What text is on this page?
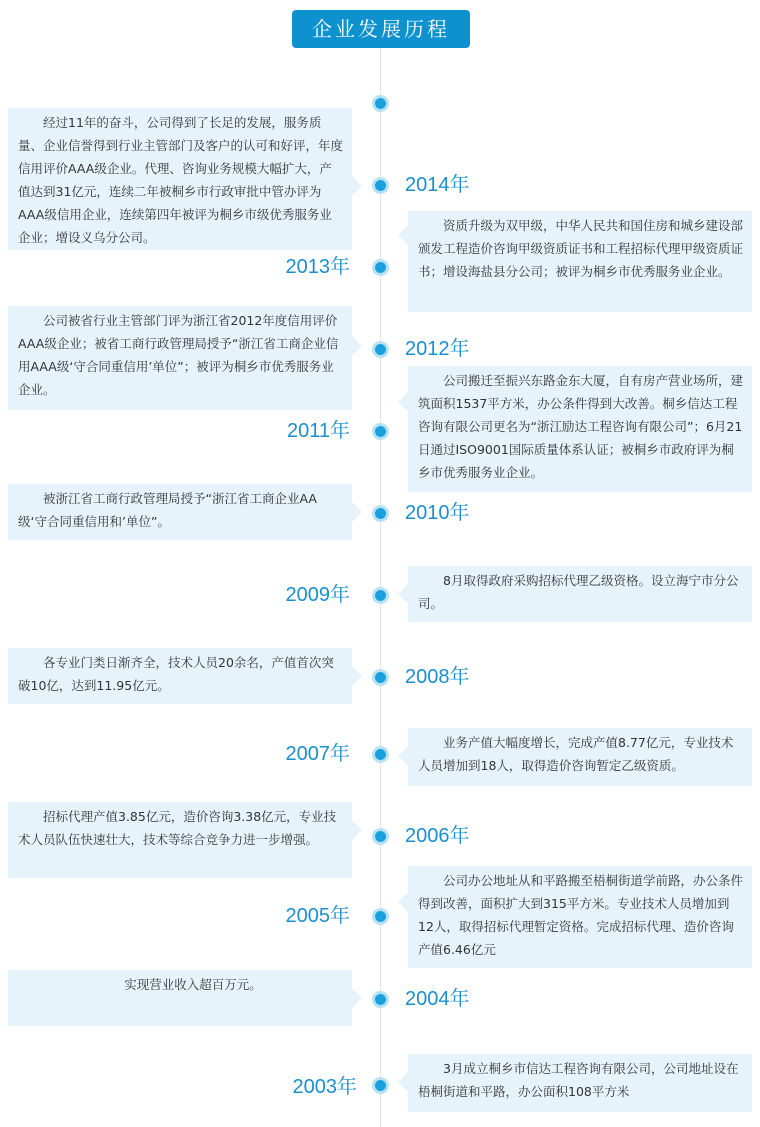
企业发展历程

经过11年的奋斗，公司得到了长足的发展，服务质量、企业信誉得到行业主管部门及客户的认可和好评，年度信用评价AAA级企业。代理、咨询业务规模大幅扩大，产值达到31亿元，连续二年被桐乡市行政审批中管办评为AAA级信用企业，连续第四年被评为桐乡市级优秀服务业企业；增设义乌分公司。

2014年

资质升级为双甲级，中华人民共和国住房和城乡建设部颁发工程造价咨询甲级资质证书和工程招标代理甲级资质证书；增设海盐县分公司；被评为桐乡市优秀服务业企业。

2013年

公司被省行业主管部门评为浙江省2012年度信用评价AAA级企业；被省工商行政管理局授予“浙江省工商企业信用AAA级‘守合同重信用’单位”；被评为桐乡市优秀服务业企业。

2012年

公司搬迁至振兴东路金东大厦，自有房产营业场所，建筑面积1537平方米，办公条件得到大改善。桐乡信达工程咨询有限公司更名为“浙江励达工程咨询有限公司”；6月21日通过ISO9001国际质量体系认证；被桐乡市政府评为桐乡市优秀服务业企业。

2011年

被浙江省工商行政管理局授予“浙江省工商企业AA级‘守合同重信用和’单位”。	2010年

8月取得政府采购招标代理乙级资格。设立海宁市分公司。

2009年

各专业门类日渐齐全，技术人员20余名，产值首次突破10亿，达到11.95亿元。	2008年

业务产值大幅度增长，完成产值8.77亿元，专业技术人员增加到18人，取得造价咨询暂定乙级资质。

2007年

招标代理产值3.85亿元，造价咨询3.38亿元，专业技术人员队伍快速壮大，技术等综合竞争力进一步增强。	2006年

公司办公地址从和平路搬至梧桐街道学前路，办公条件得到改善，面积扩大到315平方米。专业技术人员增加到12人，取得招标代理暂定资格。完成招标代理、造价咨询产值6.46亿元

2005年

实现营业收入超百万元。

2004年

3月成立桐乡市信达工程咨询有限公司，公司地址设在梧桐街道和平路，办公面积108平方米

2003年
